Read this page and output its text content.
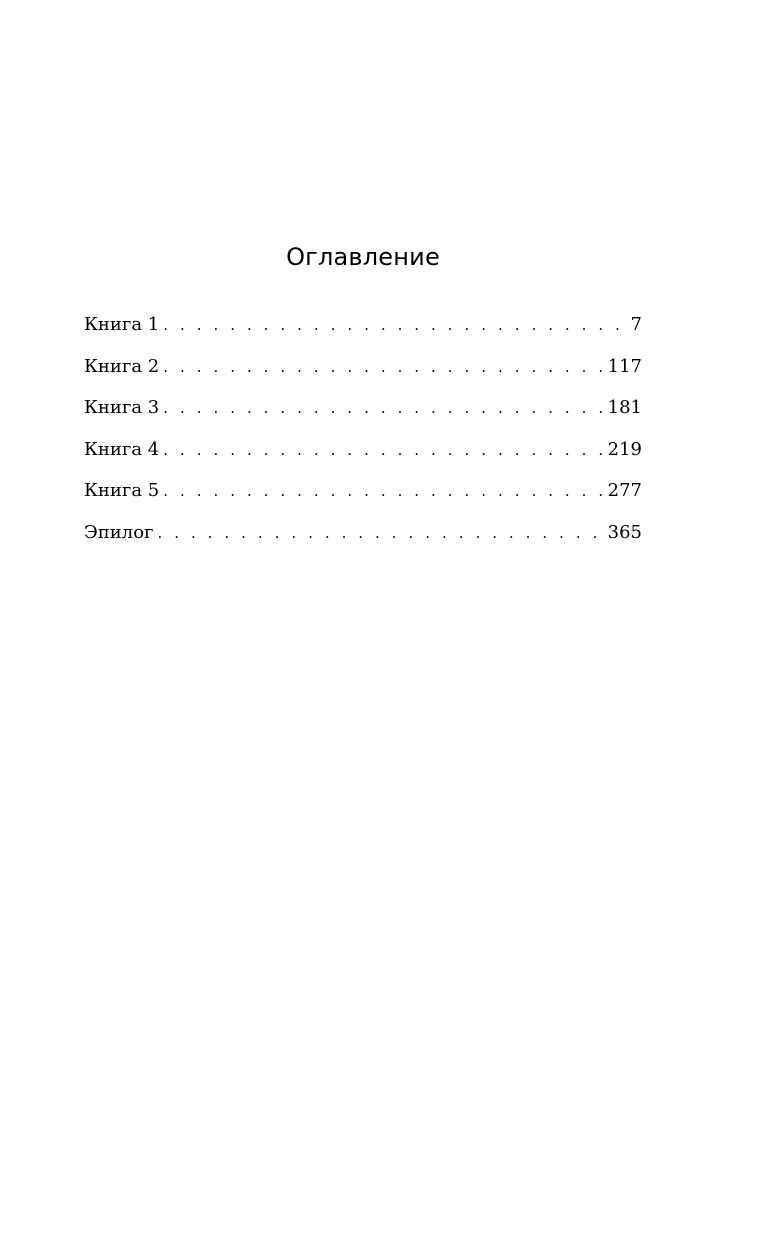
Оглавление
Книга 1 . . .	7
Книга 2 . . .	117
Книга 3 . . .	181
Книга 4 . . .	219
Книга 5 . . .	277
Эпилог . . .	365
